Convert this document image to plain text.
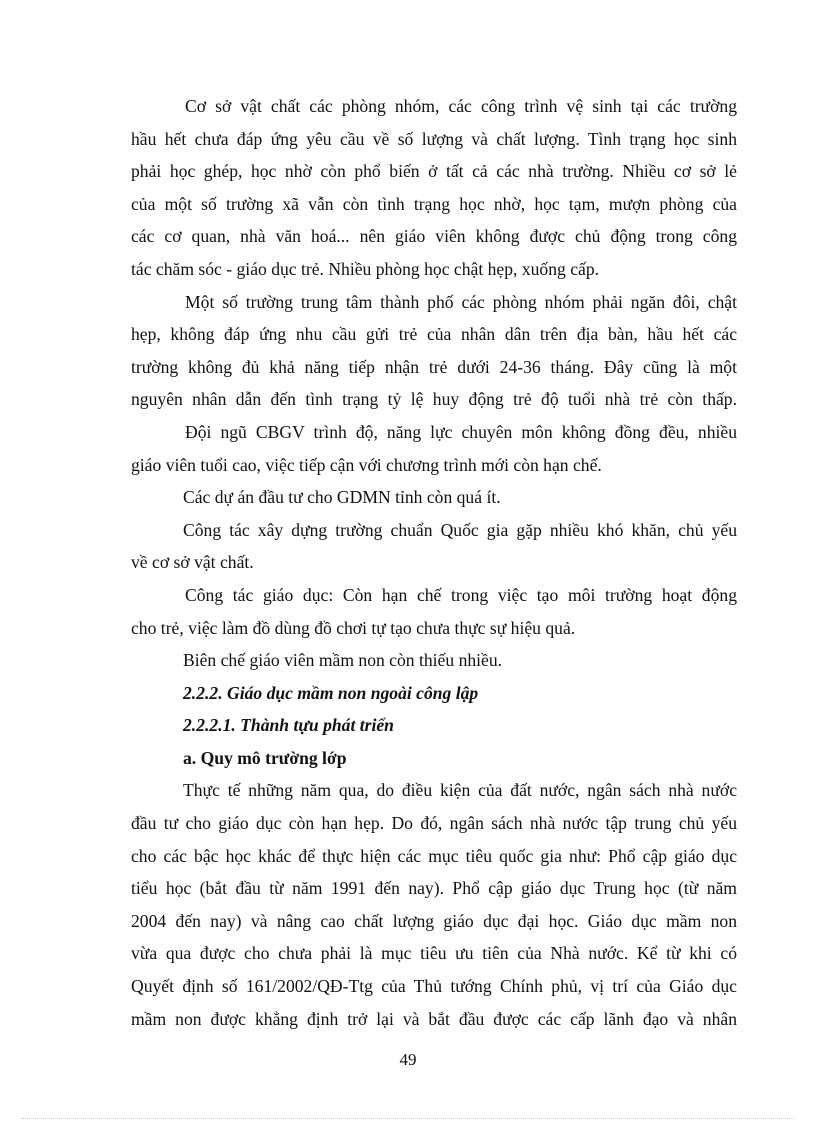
Cơ sở vật chất các phòng nhóm, các công trình vệ sinh tại các trường
hầu hết chưa đáp ứng yêu cầu về số lượng và chất lượng. Tình trạng học sinh
phải học ghép, học nhờ còn phổ biến ở tất cả các nhà trường. Nhiều cơ sở lẻ
của một số trường xã vẫn còn tình trạng học nhờ, học tạm, mượn phòng của
các cơ quan, nhà văn hoá... nên giáo viên không được chủ động trong công
tác chăm sóc - giáo dục trẻ. Nhiều phòng học chật hẹp, xuống cấp.
Một số trường trung tâm thành phố các phòng nhóm phải ngăn đôi, chật
hẹp, không đáp ứng nhu cầu gửi trẻ của nhân dân trên địa bàn, hầu hết các
trường không đủ khả năng tiếp nhận trẻ dưới 24-36 tháng. Đây cũng là một
nguyên nhân dẫn đến tình trạng tỷ lệ huy động trẻ độ tuổi nhà trẻ còn thấp.
Đội ngũ CBGV trình độ, năng lực chuyên môn không đồng đều, nhiều
giáo viên tuổi cao, việc tiếp cận với chương trình mới còn hạn chế.
Các dự án đầu tư cho GDMN tỉnh còn quá ít.
Công tác xây dựng trường chuẩn Quốc gia gặp nhiều khó khăn, chủ yếu
về cơ sở vật chất.
Công tác giáo dục: Còn hạn chế trong việc tạo môi trường hoạt động
cho trẻ, việc làm đồ dùng đồ chơi tự tạo chưa thực sự hiệu quả.
Biên chế giáo viên mầm non còn thiếu nhiều.
2.2.2. Giáo dục mầm non ngoài công lập
2.2.2.1. Thành tựu phát triển
a. Quy mô trường lớp
Thực tế những năm qua, do điều kiện của đất nước, ngân sách nhà nước
đầu tư cho giáo dục còn hạn hẹp. Do đó, ngân sách nhà nước tập trung chủ yếu
cho các bậc học khác để thực hiện các mục tiêu quốc gia như: Phổ cập giáo dục
tiểu học (bắt đầu từ năm 1991 đến nay). Phổ cập giáo dục Trung học (từ năm
2004 đến nay) và nâng cao chất lượng giáo dục đại học. Giáo dục mầm non
vừa qua được cho chưa phải là mục tiêu ưu tiên của Nhà nước. Kể từ khi có
Quyết định số 161/2002/QĐ-Ttg của Thủ tướng Chính phủ, vị trí của Giáo dục
mầm non được khẳng định trở lại và bắt đầu được các cấp lãnh đạo và nhân
49
